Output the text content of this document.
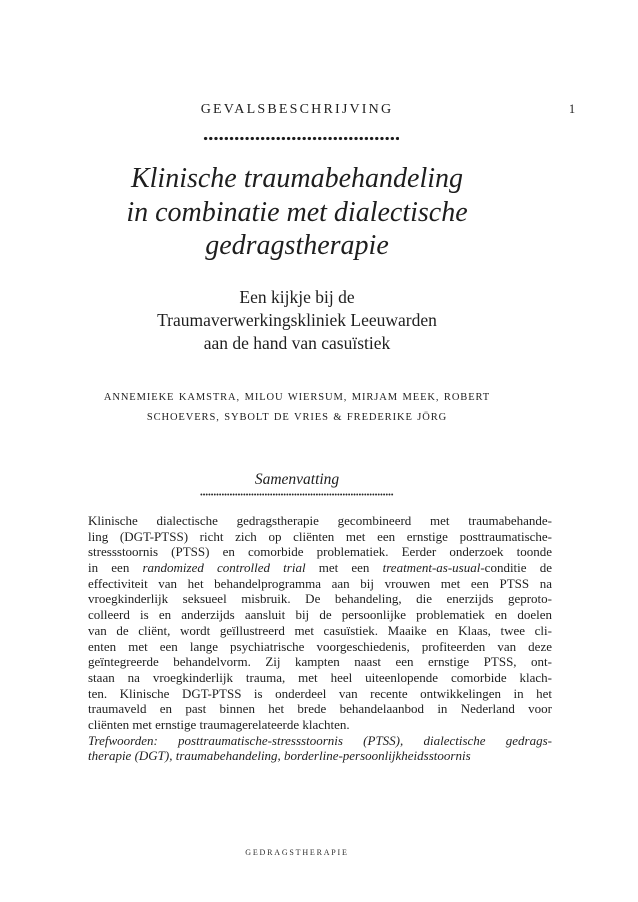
GEVALSBESCHRIJVING	1
Klinische traumabehandeling
in combinatie met dialectische
gedragstherapie
Een kijkje bij de
Traumaverwerkingskliniek Leeuwarden
aan de hand van casuïstiek
ANNEMIEKE KAMSTRA, MILOU WIERSUM, MIRJAM MEEK, ROBERT
SCHOEVERS, SYBOLT DE VRIES & FREDERIKE JÖRG
Samenvatting
Klinische dialectische gedragstherapie gecombineerd met traumabehande-
ling (DGT-PTSS) richt zich op cliënten met een ernstige posttraumatische-
stressstoornis (PTSS) en comorbide problematiek. Eerder onderzoek toonde
in een randomized controlled trial met een treatment-as-usual-conditie de
effectiviteit van het behandelprogramma aan bij vrouwen met een PTSS na
vroegkinderlijk seksueel misbruik. De behandeling, die enerzijds geproto-
colleerd is en anderzijds aansluit bij de persoonlijke problematiek en doelen
van de cliënt, wordt geïllustreerd met casuïstiek. Maaike en Klaas, twee cli-
enten met een lange psychiatrische voorgeschiedenis, profiteerden van deze
geïntegreerde behandelvorm. Zij kampten naast een ernstige PTSS, ont-
staan na vroegkinderlijk trauma, met heel uiteenlopende comorbide klach-
ten. Klinische DGT-PTSS is onderdeel van recente ontwikkelingen in het
traumaveld en past binnen het brede behandelaanbod in Nederland voor
cliënten met ernstige traumagerelateerde klachten.
Trefwoorden: posttraumatische-stressstoornis (PTSS), dialectische gedrags-
therapie (DGT), traumabehandeling, borderline-persoonlijkheidsstoornis
GEDRAGSTHERAPIE
